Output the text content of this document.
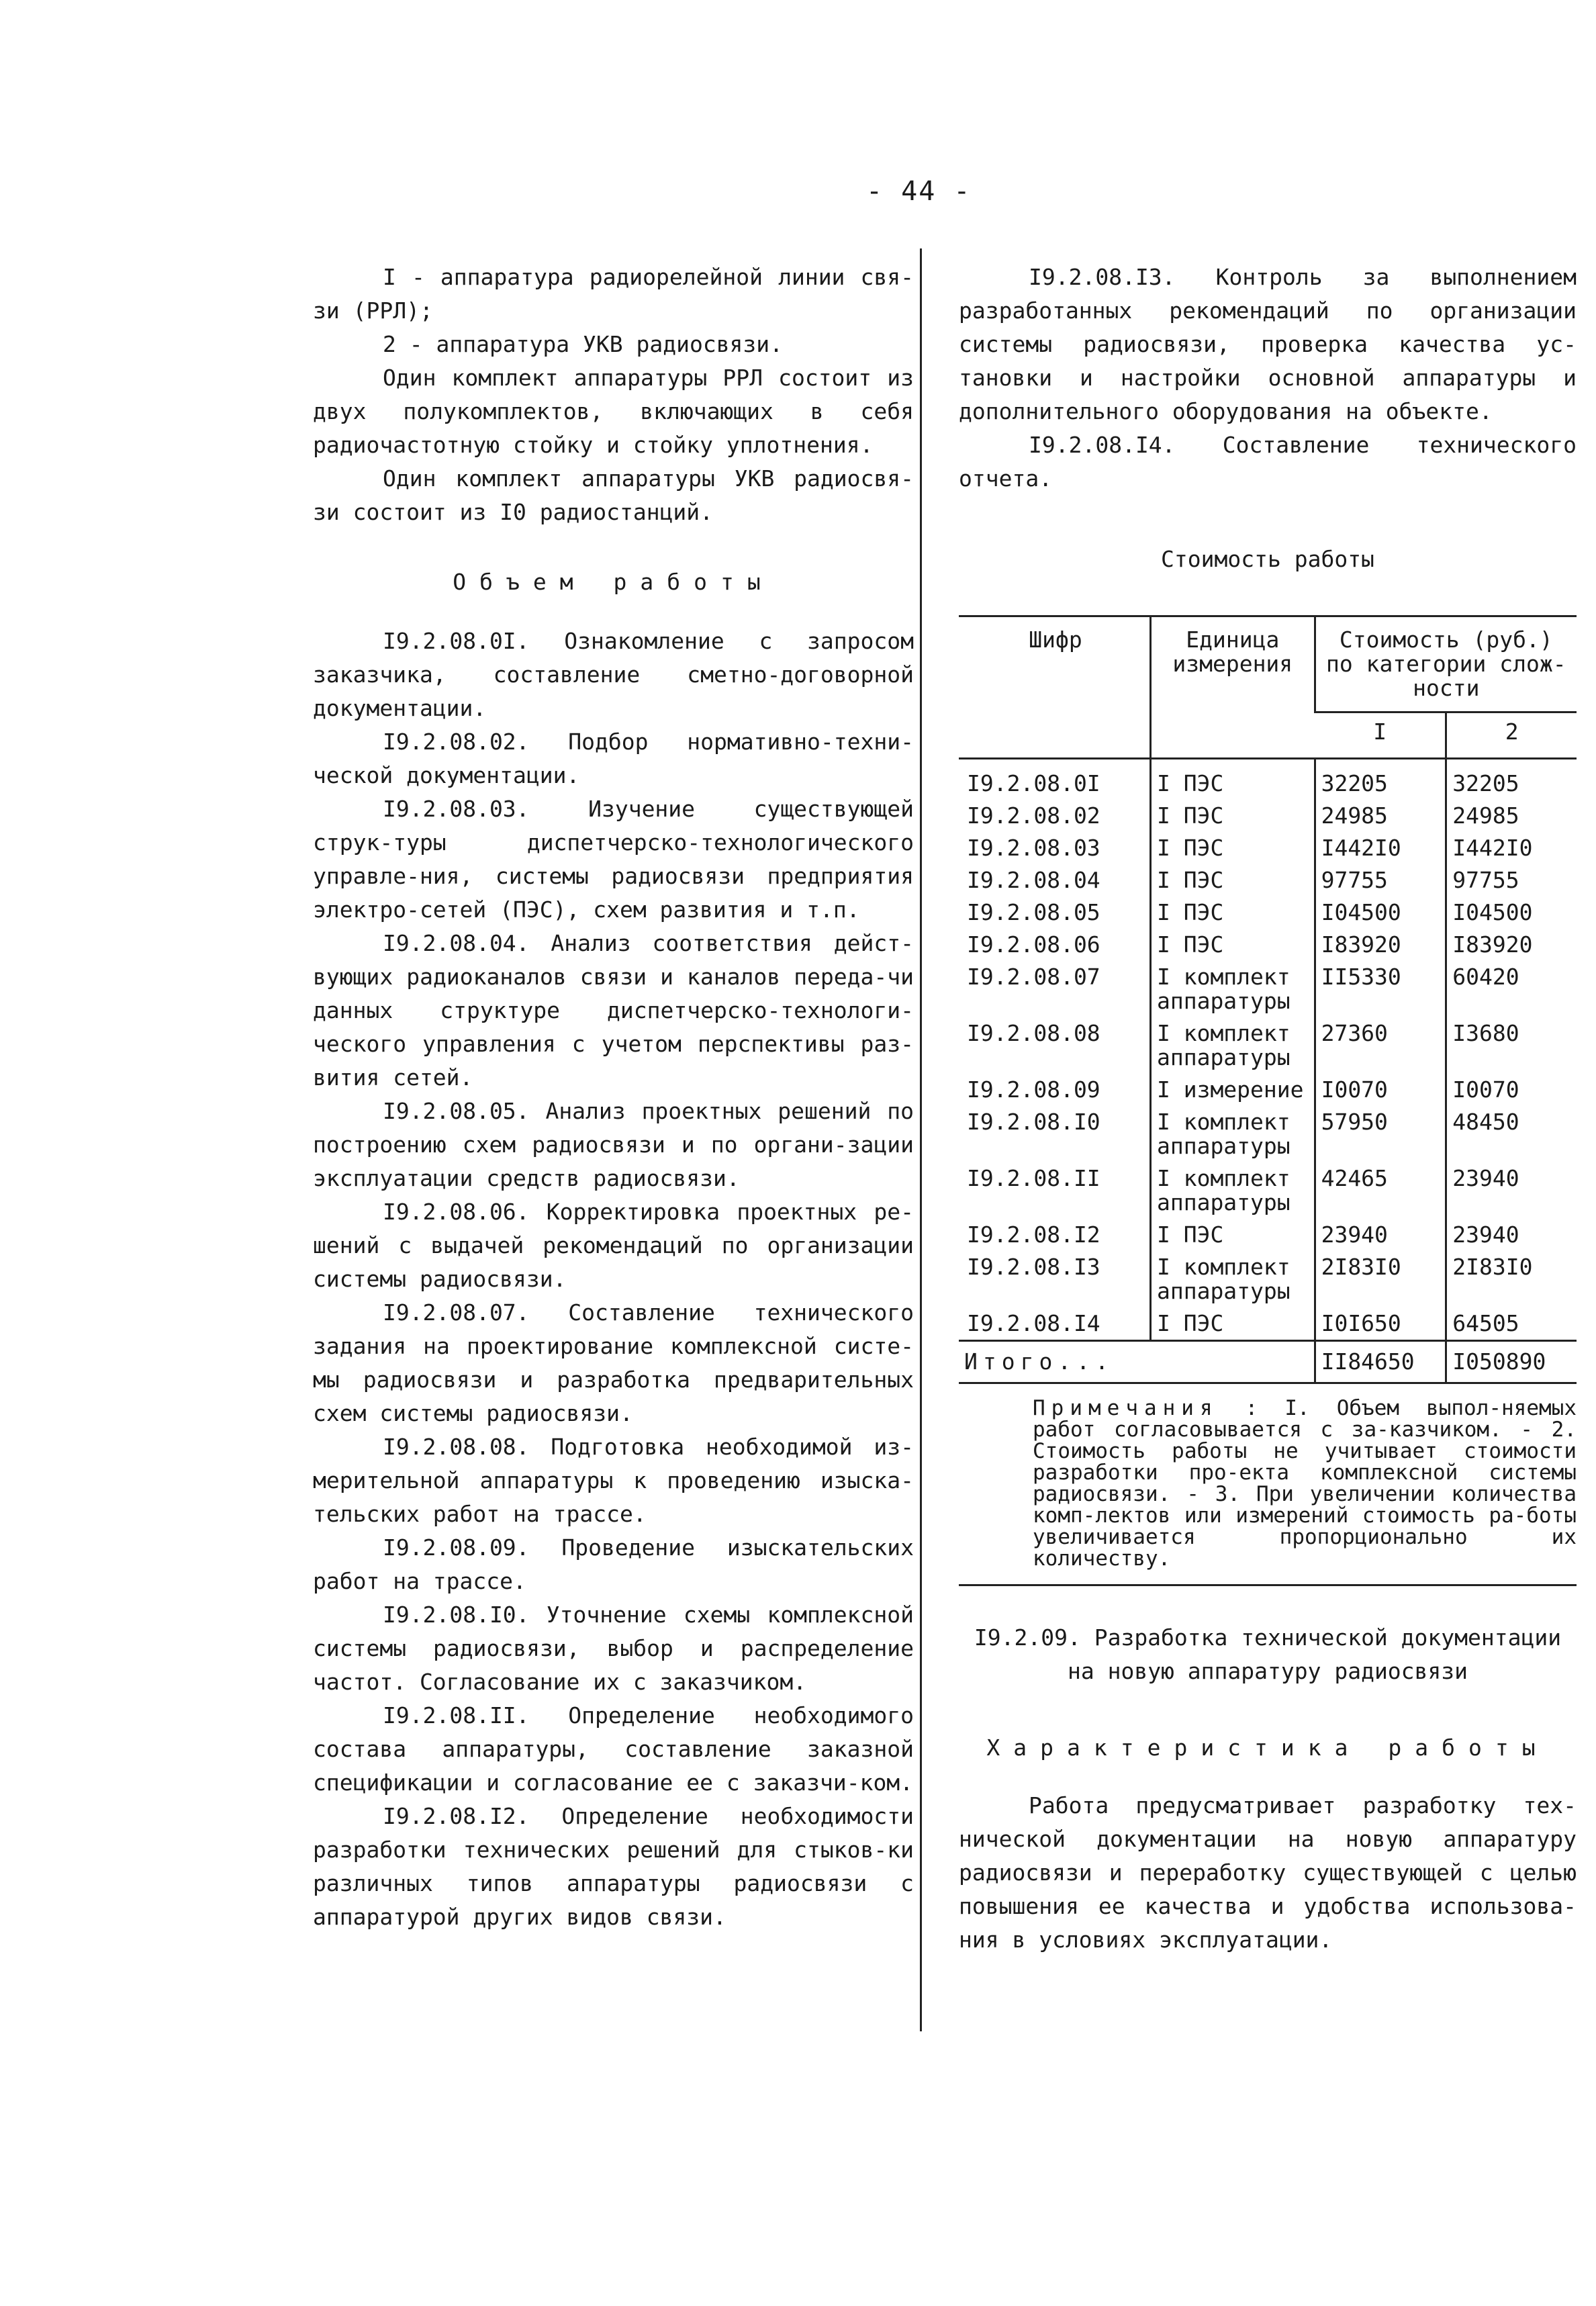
- 44 -

I - аппаратура радиорелейной линии свя-зи (РРЛ);

2 - аппаратура УКВ радиосвязи.

Один комплект аппаратуры РРЛ состоит из двух полукомплектов, включающих в себя радиочастотную стойку и стойку уплотнения.

Один комплект аппаратуры УКВ радиосвя-зи состоит из I0 радиостанций.

Объем работы

I9.2.08.0I. Ознакомление с запросом заказчика, составление сметно-договорной документации.

I9.2.08.02. Подбор нормативно-техни-ческой документации.

I9.2.08.03. Изучение существующей струк-туры диспетчерско-технологического управле-ния, системы радиосвязи предприятия электро-сетей (ПЭС), схем развития и т.п.

I9.2.08.04. Анализ соответствия дейст-вующих радиоканалов связи и каналов переда-чи данных структуре диспетчерско-технологи-ческого управления с учетом перспективы раз-вития сетей.

I9.2.08.05. Анализ проектных решений по построению схем радиосвязи и по органи-зации эксплуатации средств радиосвязи.

I9.2.08.06. Корректировка проектных ре-шений с выдачей рекомендаций по организации системы радиосвязи.

I9.2.08.07. Составление технического задания на проектирование комплексной систе-мы радиосвязи и разработка предварительных схем системы радиосвязи.

I9.2.08.08. Подготовка необходимой из-мерительной аппаратуры к проведению изыска-тельских работ на трассе.

I9.2.08.09. Проведение изыскательских работ на трассе.

I9.2.08.I0. Уточнение схемы комплексной системы радиосвязи, выбор и распределение частот. Согласование их с заказчиком.

I9.2.08.II. Определение необходимого состава аппаратуры, составление заказной спецификации и согласование ее с заказчи-ком.

I9.2.08.I2. Определение необходимости разработки технических решений для стыков-ки различных типов аппаратуры радиосвязи с аппаратурой других видов связи.

I9.2.08.I3. Контроль за выполнением разработанных рекомендаций по организации системы радиосвязи, проверка качества ус-тановки и настройки основной аппаратуры и дополнительного оборудования на объекте.

I9.2.08.I4. Составление технического отчета.

Стоимость работы
Шифр	Единица измерения	Стоимость (руб.) по категории слож-ности	
		I	2
I9.2.08.0I	I ПЭС	32205	32205
I9.2.08.02	I ПЭС	24985	24985
I9.2.08.03	I ПЭС	I442I0	I442I0
I9.2.08.04	I ПЭС	97755	97755
I9.2.08.05	I ПЭС	I04500	I04500
I9.2.08.06	I ПЭС	I83920	I83920
I9.2.08.07	I комплект аппаратуры	II5330	60420
I9.2.08.08	I комплект аппаратуры	27360	I3680
I9.2.08.09	I измерение	I0070	I0070
I9.2.08.I0	I комплект аппаратуры	57950	48450
I9.2.08.II	I комплект аппаратуры	42465	23940
I9.2.08.I2	I ПЭС	23940	23940
I9.2.08.I3	I комплект аппаратуры	2I83I0	2I83I0
I9.2.08.I4	I ПЭС	I0I650	64505
Итого...		II84650	I050890

Примечания : I. Объем выпол-няемых работ согласовывается с за-казчиком. - 2. Стоимость работы не учитывает стоимости разработки про-екта комплексной системы радиосвязи. - 3. При увеличении количества комп-лектов или измерений стоимость ра-боты увеличивается пропорционально их количеству.

I9.2.09. Разработка технической документации
на новую аппаратуру радиосвязи
Характеристика работы

Работа предусматривает разработку тех-нической документации на новую аппаратуру радиосвязи и переработку существующей с целью повышения ее качества и удобства использова-ния в условиях эксплуатации.
